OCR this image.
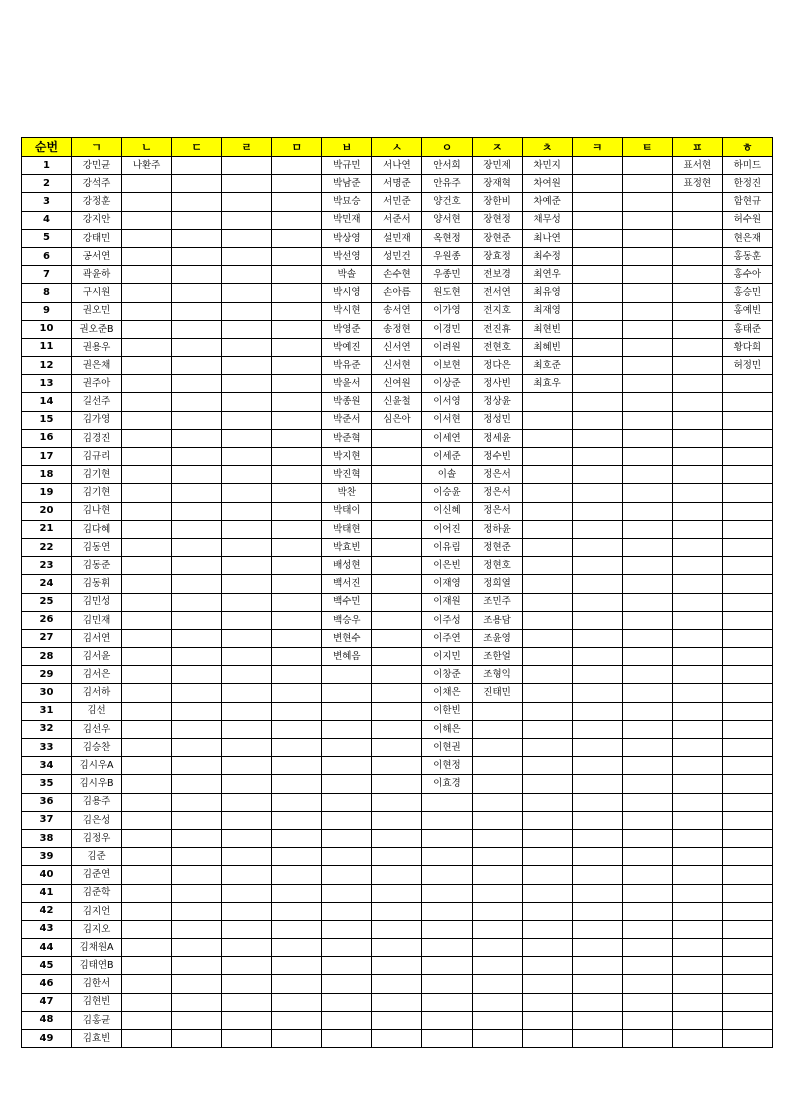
순번	ㄱ	ㄴ	ㄷ	ㄹ	ㅁ	ㅂ	ㅅ	ㅇ	ㅈ	ㅊ	ㅋ	ㅌ	ㅍ	ㅎ
1	강민균	나환주				박규민	서나연	안서희	장민제	차민지			표서현	하미드
2	강석주					박남준	서명준	안유주	장재혁	차여원			표정현	한정진
3	강정훈					박묘승	서민준	양건호	장한비	차예준				함현규
4	강지안					박민재	서준서	양서현	장현정	채무성				허수원
5	강태민					박상영	설민재	옥현정	장현준	최나연				현은재
6	공서연					박선영	성민건	우원종	장효정	최수정				홍동훈
7	곽윤하					박솔	손수현	우종민	전보경	최연우				홍수아
8	구시원					박시영	손아름	원도현	전서연	최유영				홍승민
9	권오민					박시현	송서연	이가영	전지호	최재영				홍예빈
10	권오준B					박영준	송정현	이경민	전진휴	최현빈				홍태준
11	권용우					박예진	신서연	이려원	전현호	최혜빈				황다희
12	권은채					박유준	신서현	이보현	정다은	최호준				허정민
13	권주아					박윤서	신여원	이상준	정사빈	최효우				
14	길선주					박종원	신윤철	이서영	정상윤					
15	김가영					박준서	심은아	이서현	정성민					
16	김경진					박준혁		이세연	정세윤					
17	김규리					박지현		이세준	정수빈					
18	김기현					박진혁		이솔	정은서					
19	김기현					박찬		이승윤	정은서					
20	김나현					박태이		이신혜	정은서					
21	김다혜					박태현		이어진	정하윤					
22	김동연					박효빈		이유림	정현준					
23	김동준					배성현		이은빈	정현호					
24	김동휘					백서진		이재영	정희열					
25	김민성					백수민		이재원	조민주					
26	김민재					백승우		이주성	조용담					
27	김서연					변현수		이주연	조윤영					
28	김서윤					변혜음		이지민	조한얼					
29	김서은							이창준	조형익					
30	김서하							이채은	진태민					
31	김선							이한빈						
32	김선우							이해은						
33	김승찬							이현권						
34	김시우A							이현정						
35	김시우B							이효경						
36	김용주													
37	김은성													
38	김정우													
39	김준													
40	김준연													
41	김준학													
42	김지언													
43	김지오													
44	김채원A													
45	김태연B													
46	김한서													
47	김현빈													
48	김홍균													
49	김효빈													
